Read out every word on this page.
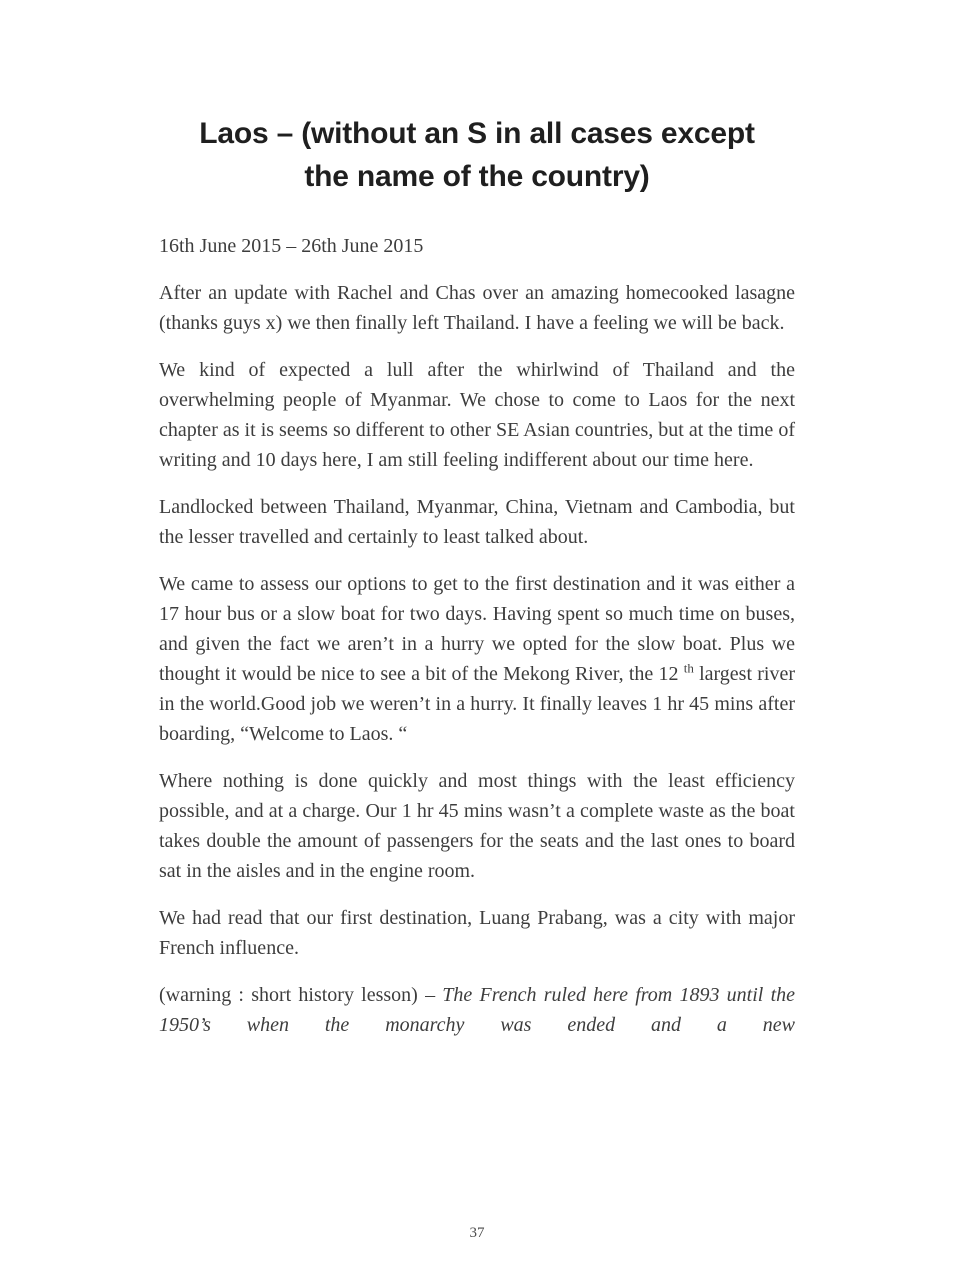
Laos – (without an S in all cases except
the name of the country)

16th June 2015 – 26th June 2015

After an update with Rachel and Chas over an amazing homecooked lasagne (thanks guys x) we then finally left Thailand. I have a feeling we will be back.

We kind of expected a lull after the whirlwind of Thailand and the overwhelming people of Myanmar. We chose to come to Laos for the next chapter as it is seems so different to other SE Asian countries, but at the time of writing and 10 days here, I am still feeling indifferent about our time here.

Landlocked between Thailand, Myanmar, China, Vietnam and Cambodia, but the lesser travelled and certainly to least talked about.

We came to assess our options to get to the first destination and it was either a 17 hour bus or a slow boat for two days. Having spent so much time on buses, and given the fact we aren’t in a hurry we opted for the slow boat. Plus we thought it would be nice to see a bit of the Mekong River, the 12 $^{th}$ largest river in the world.Good job we weren’t in a hurry. It finally leaves 1 hr 45 mins after boarding, “Welcome to Laos. “

Where nothing is done quickly and most things with the least efficiency possible, and at a charge. Our 1 hr 45 mins wasn’t a complete waste as the boat takes double the amount of passengers for the seats and the last ones to board sat in the aisles and in the engine room.

We had read that our first destination, Luang Prabang, was a city with major French influence.

(warning : short history lesson) – The French ruled here from 1893 until the 1950’s when the monarchy was ended and a new

37
